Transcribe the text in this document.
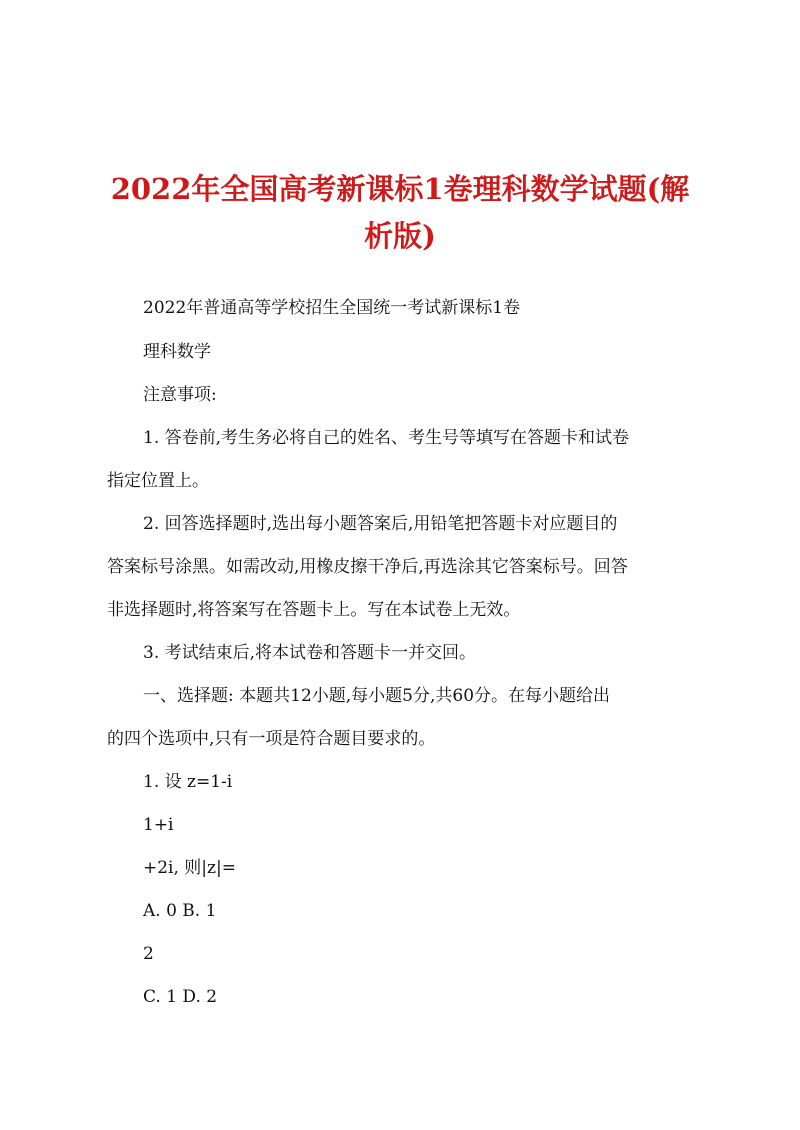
2022年全国高考新课标1卷理科数学试题(解
析版)

2022年普通高等学校招生全国统一考试新课标1卷

理科数学

注意事项:

1. 答卷前,考生务必将自己的姓名、考生号等填写在答题卡和试卷

指定位置上。

2. 回答选择题时,选出每小题答案后,用铅笔把答题卡对应题目的

答案标号涂黑。如需改动,用橡皮擦干净后,再选涂其它答案标号。回答

非选择题时,将答案写在答题卡上。写在本试卷上无效。

3. 考试结束后,将本试卷和答题卡一并交回。

一、选择题: 本题共12小题,每小题5分,共60分。在每小题给出

的四个选项中,只有一项是符合题目要求的。

1. 设 z=1-i

1+i

+2i, 则|z|=

A. 0 B. 1

2

C. 1 D. 2
